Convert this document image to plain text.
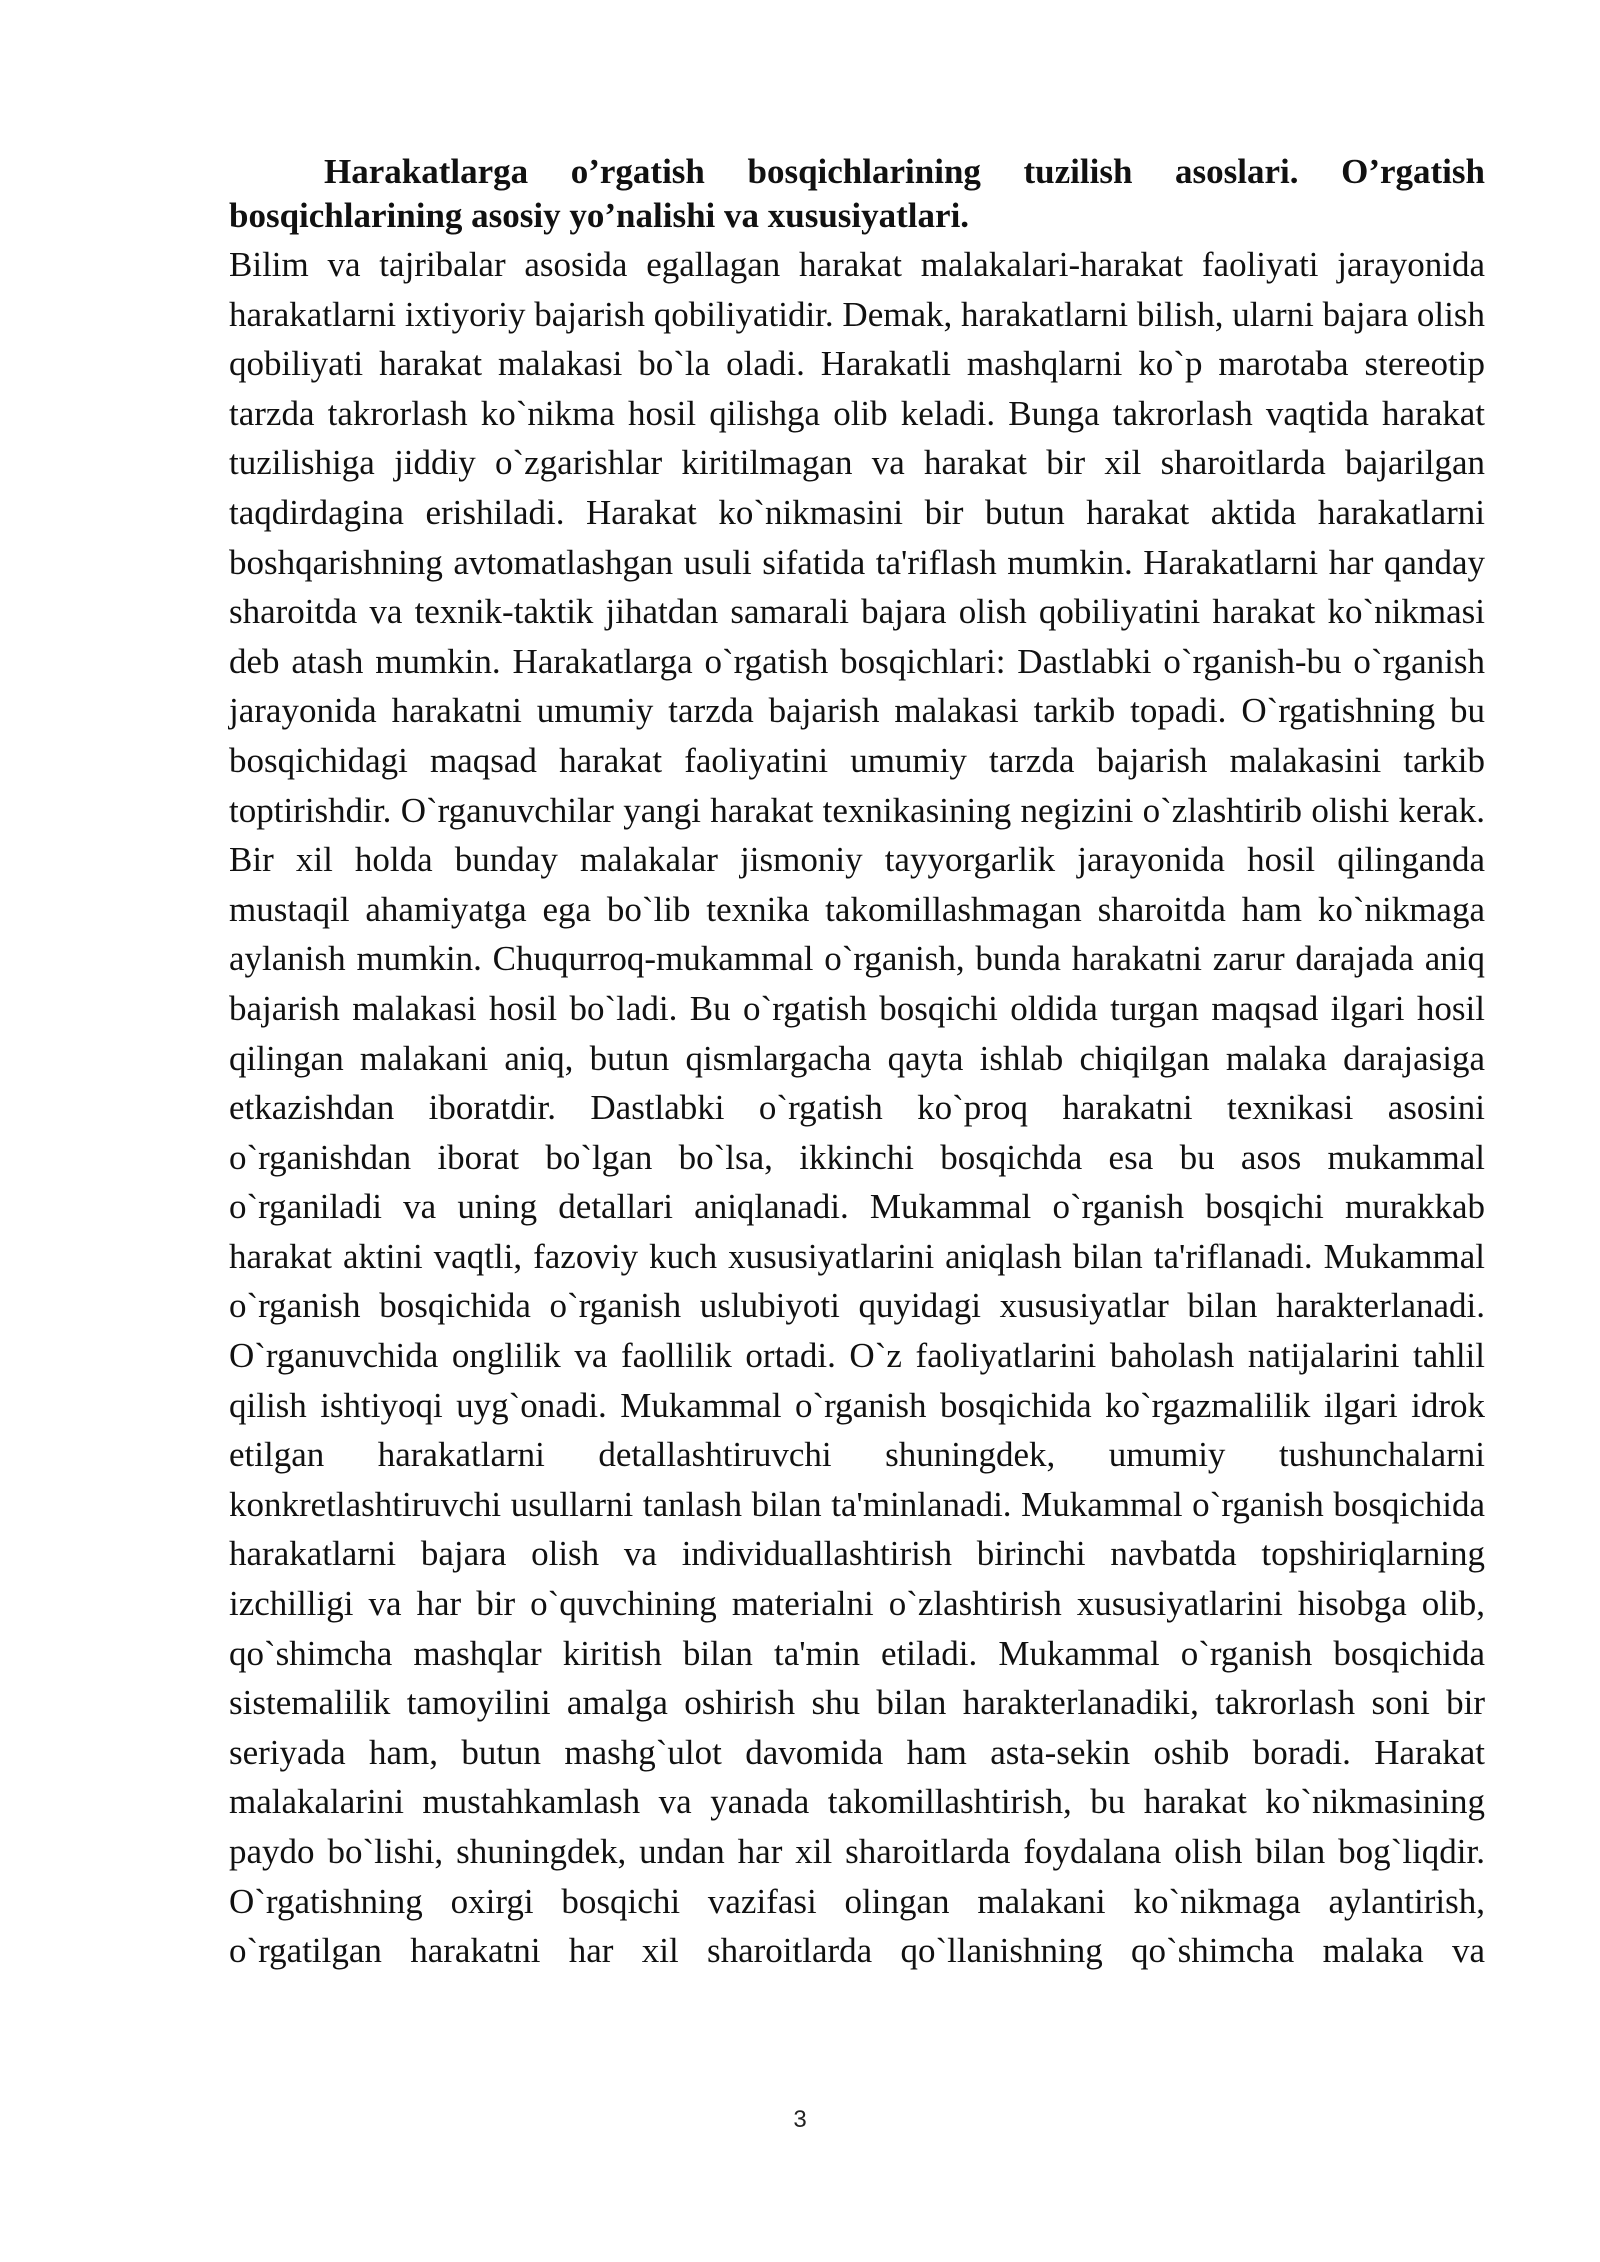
Harakatlarga o’rgatish bosqichlarining tuzilish asoslari. O’rgatish bosqichlarining asosiy yo’nalishi va xususiyatlari.

Bilim va tajribalar asosida egallagan harakat malakalari-harakat faoliyati jarayonida harakatlarni ixtiyoriy bajarish qobiliyatidir. Demak, harakatlarni bilish, ularni bajara olish qobiliyati harakat malakasi bo`la oladi. Harakatli mashqlarni ko`p marotaba stereotip tarzda takrorlash ko`nikma hosil qilishga olib keladi. Bunga takrorlash vaqtida harakat tuzilishiga jiddiy o`zgarishlar kiritilmagan va harakat bir xil sharoitlarda bajarilgan taqdirdagina erishiladi. Harakat ko`nikmasini bir butun harakat aktida harakatlarni boshqarishning avtomatlashgan usuli sifatida ta'riflash mumkin. Harakatlarni har qanday sharoitda va texnik-taktik jihatdan samarali bajara olish qobiliyatini harakat ko`nikmasi deb atash mumkin. Harakatlarga o`rgatish bosqichlari: Dastlabki o`rganish-bu o`rganish jarayonida harakatni umumiy tarzda bajarish malakasi tarkib topadi. O`rgatishning bu bosqichidagi maqsad harakat faoliyatini umumiy tarzda bajarish malakasini tarkib toptirishdir. O`rganuvchilar yangi harakat texnikasining negizini o`zlashtirib olishi kerak. Bir xil holda bunday malakalar jismoniy tayyorgarlik jarayonida hosil qilinganda mustaqil ahamiyatga ega bo`lib texnika takomillashmagan sharoitda ham ko`nikmaga aylanish mumkin. Chuqurroq-mukammal o`rganish, bunda harakatni zarur darajada aniq bajarish malakasi hosil bo`ladi. Bu o`rgatish bosqichi oldida turgan maqsad ilgari hosil qilingan malakani aniq, butun qismlargacha qayta ishlab chiqilgan malaka darajasiga etkazishdan iboratdir. Dastlabki o`rgatish ko`proq harakatni texnikasi asosini o`rganishdan iborat bo`lgan bo`lsa, ikkinchi bosqichda esa bu asos mukammal o`rganiladi va uning detallari aniqlanadi. Mukammal o`rganish bosqichi murakkab harakat aktini vaqtli, fazoviy kuch xususiyatlarini aniqlash bilan ta'riflanadi. Mukammal o`rganish bosqichida o`rganish uslubiyoti quyidagi xususiyatlar bilan harakterlanadi. O`rganuvchida onglilik va faollilik ortadi. O`z faoliyatlarini baholash natijalarini tahlil qilish ishtiyoqi uyg`onadi. Mukammal o`rganish bosqichida ko`rgazmalilik ilgari idrok etilgan harakatlarni detallashtiruvchi shuningdek, umumiy tushunchalarni konkretlashtiruvchi usullarni tanlash bilan ta'minlanadi. Mukammal o`rganish bosqichida harakatlarni bajara olish va individuallashtirish birinchi navbatda topshiriqlarning izchilligi va har bir o`quvchining materialni o`zlashtirish xususiyatlarini hisobga olib, qo`shimcha mashqlar kiritish bilan ta'min etiladi. Mukammal o`rganish bosqichida sistemalilik tamoyilini amalga oshirish shu bilan harakterlanadiki, takrorlash soni bir seriyada ham, butun mashg`ulot davomida ham asta-sekin oshib boradi. Harakat malakalarini mustahkamlash va yanada takomillashtirish, bu harakat ko`nikmasining paydo bo`lishi, shuningdek, undan har xil sharoitlarda foydalana olish bilan bog`liqdir. O`rgatishning oxirgi bosqichi vazifasi olingan malakani ko`nikmaga aylantirish, o`rgatilgan harakatni har xil sharoitlarda qo`llanishning qo`shimcha malaka va

3
